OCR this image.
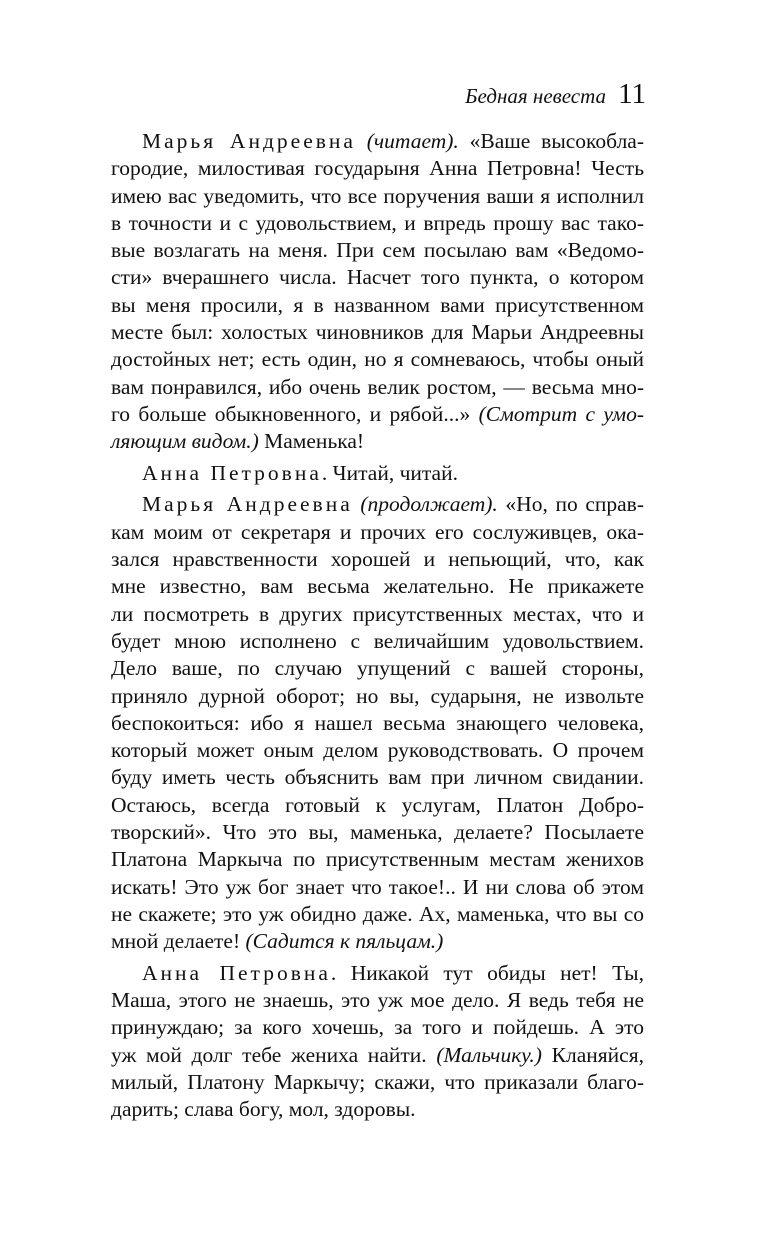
Бедная невеста 11
Марья Андреевна (читает). «Ваше высокобла-
городие, милостивая государыня Анна Петровна! Честь
имею вас уведомить, что все поручения ваши я исполнил
в точности и с удовольствием, и впредь прошу вас тако-
вые возлагать на меня. При сем посылаю вам «Ведомо-
сти» вчерашнего числа. Насчет того пункта, о котором
вы меня просили, я в названном вами присутственном
месте был: холостых чиновников для Марьи Андреевны
достойных нет; есть один, но я сомневаюсь, чтобы оный
вам понравился, ибо очень велик ростом, — весьма мно-
го больше обыкновенного, и рябой...» (Смотрит с умо-
ляющим видом.) Маменька!
Анна Петровна. Читай, читай.
Марья Андреевна (продолжает). «Но, по справ-
кам моим от секретаря и прочих его сослуживцев, ока-
зался нравственности хорошей и непьющий, что, как
мне известно, вам весьма желательно. Не прикажете
ли посмотреть в других присутственных местах, что и
будет мною исполнено с величайшим удовольствием.
Дело ваше, по случаю упущений с вашей стороны,
приняло дурной оборот; но вы, сударыня, не извольте
беспокоиться: ибо я нашел весьма знающего человека,
который может оным делом руководствовать. О прочем
буду иметь честь объяснить вам при личном свидании.
Остаюсь, всегда готовый к услугам, Платон Добро-
творский». Что это вы, маменька, делаете? Посылаете
Платона Маркыча по присутственным местам женихов
искать! Это уж бог знает что такое!.. И ни слова об этом
не скажете; это уж обидно даже. Ах, маменька, что вы со
мной делаете! (Садится к пяльцам.)
Анна Петровна. Никакой тут обиды нет! Ты,
Маша, этого не знаешь, это уж мое дело. Я ведь тебя не
принуждаю; за кого хочешь, за того и пойдешь. А это
уж мой долг тебе жениха найти. (Мальчику.) Кланяйся,
милый, Платону Маркычу; скажи, что приказали благо-
дарить; слава богу, мол, здоровы.
